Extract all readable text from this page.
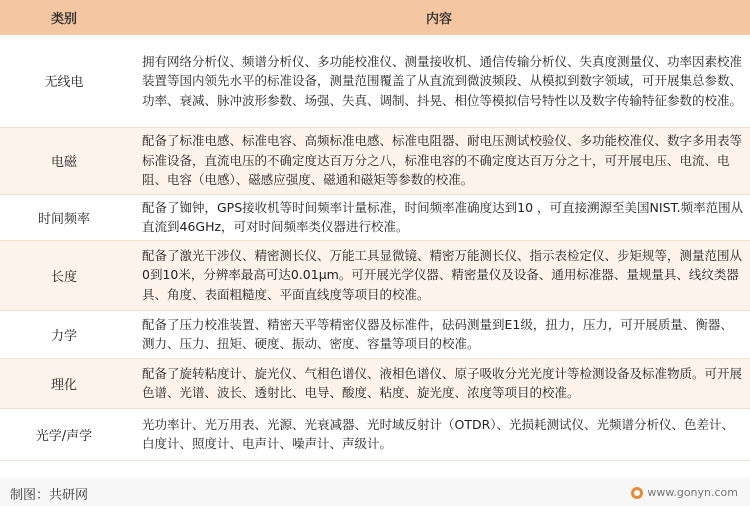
类别	内容
无线电	拥有网络分析仪、频谱分析仪、多功能校准仪、测量接收机、通信传输分析仪、失真度测量仪、功率因素校准装置等国内领先水平的标准设备，测量范围覆盖了从直流到微波频段、从模拟到数字领域，可开展集总参数、功率、衰减、脉冲波形参数、场强、失真、调制、抖晃、相位等模拟信号特性以及数字传输特征参数的校准。
电磁	配备了标准电感、标准电容、高频标准电感、标准电阻器、耐电压测试校验仪、多功能校准仪、数字多用表等标准设备，直流电压的不确定度达百万分之八，标准电容的不确定度达百万分之十，可开展电压、电流、电阻、电容（电感）、磁感应强度、磁通和磁矩等参数的校准。
时间频率	配备了铷钟，GPS接收机等时间频率计量标准，时间频率准确度达到10 ，可直接溯源至美国NIST.频率范围从直流到46GHz，可对时间频率类仪器进行校准。
长度	配备了激光干涉仪、精密测长仪、万能工具显微镜、精密万能测长仪、指示表检定仪、步矩规等，测量范围从0到10米，分辨率最高可达0.01μm。可开展光学仪器、精密量仪及设备、通用标准器、量规量具、线纹类器具、角度、表面粗糙度、平面直线度等项目的校准。
力学	配备了压力校准装置、精密天平等精密仪器及标准件，砝码测量到E1级，扭力，压力，可开展质量、衡器、测力、压力、扭矩、硬度、振动、密度、容量等项目的校准。
理化	配备了旋转粘度计、旋光仪、气相色谱仪、液相色谱仪、原子吸收分光光度计等检测设备及标准物质。可开展色谱、光谱、波长、透射比、电导、酸度、粘度、旋光度、浓度等项目的校准。
光学/声学	光功率计、光万用表、光源、光衰减器、光时域反射计（OTDR）、光损耗测试仪、光频谱分析仪、色差计、白度计、照度计、电声计、噪声计、声级计。
制图：共研网	www.gonyn.com
